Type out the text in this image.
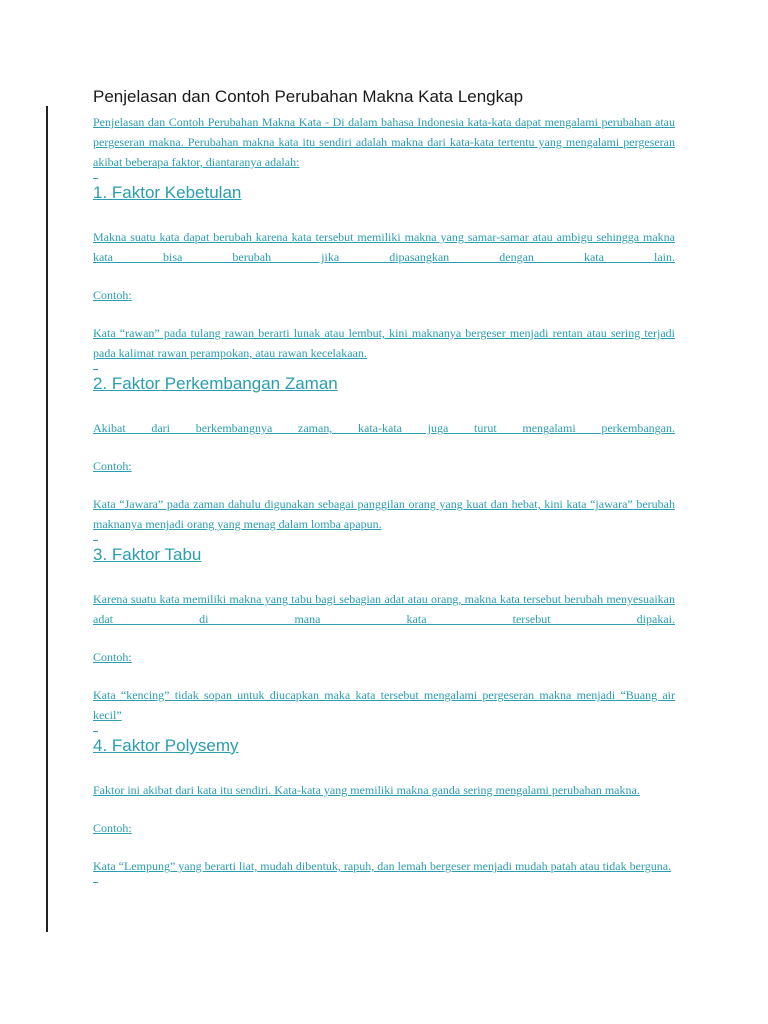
Penjelasan dan Contoh Perubahan Makna Kata Lengkap

Penjelasan dan Contoh Perubahan Makna Kata - Di dalam bahasa Indonesia kata-kata dapat mengalami perubahan atau pergeseran makna. Perubahan makna kata itu sendiri adalah makna dari kata-kata tertentu yang mengalami pergeseran akibat beberapa faktor, diantaranya adalah:

1. Faktor Kebetulan

Makna suatu kata dapat berubah karena kata tersebut memiliki makna yang samar-samar atau ambigu sehingga makna kata bisa berubah jika dipasangkan dengan kata lain.

Contoh:

Kata “rawan” pada tulang rawan berarti lunak atau lembut, kini maknanya bergeser menjadi rentan atau sering terjadi pada kalimat rawan perampokan, atau rawan kecelakaan.

2. Faktor Perkembangan Zaman

Akibat dari berkembangnya zaman, kata-kata juga turut mengalami perkembangan.

Contoh:

Kata “Jawara” pada zaman dahulu digunakan sebagai panggilan orang yang kuat dan hebat, kini kata “jawara” berubah maknanya menjadi orang yang menag dalam lomba apapun.

3. Faktor Tabu

Karena suatu kata memiliki makna yang tabu bagi sebagian adat atau orang, makna kata tersebut berubah menyesuaikan adat di mana kata tersebut dipakai.

Contoh:

Kata “kencing” tidak sopan untuk diucapkan maka kata tersebut mengalami pergeseran makna menjadi “Buang air kecil”

4. Faktor Polysemy

Faktor ini akibat dari kata itu sendiri. Kata-kata yang memiliki makna ganda sering mengalami perubahan makna.

Contoh:

Kata “Lempung” yang berarti liat, mudah dibentuk, rapuh, dan lemah bergeser menjadi mudah patah atau tidak berguna.
